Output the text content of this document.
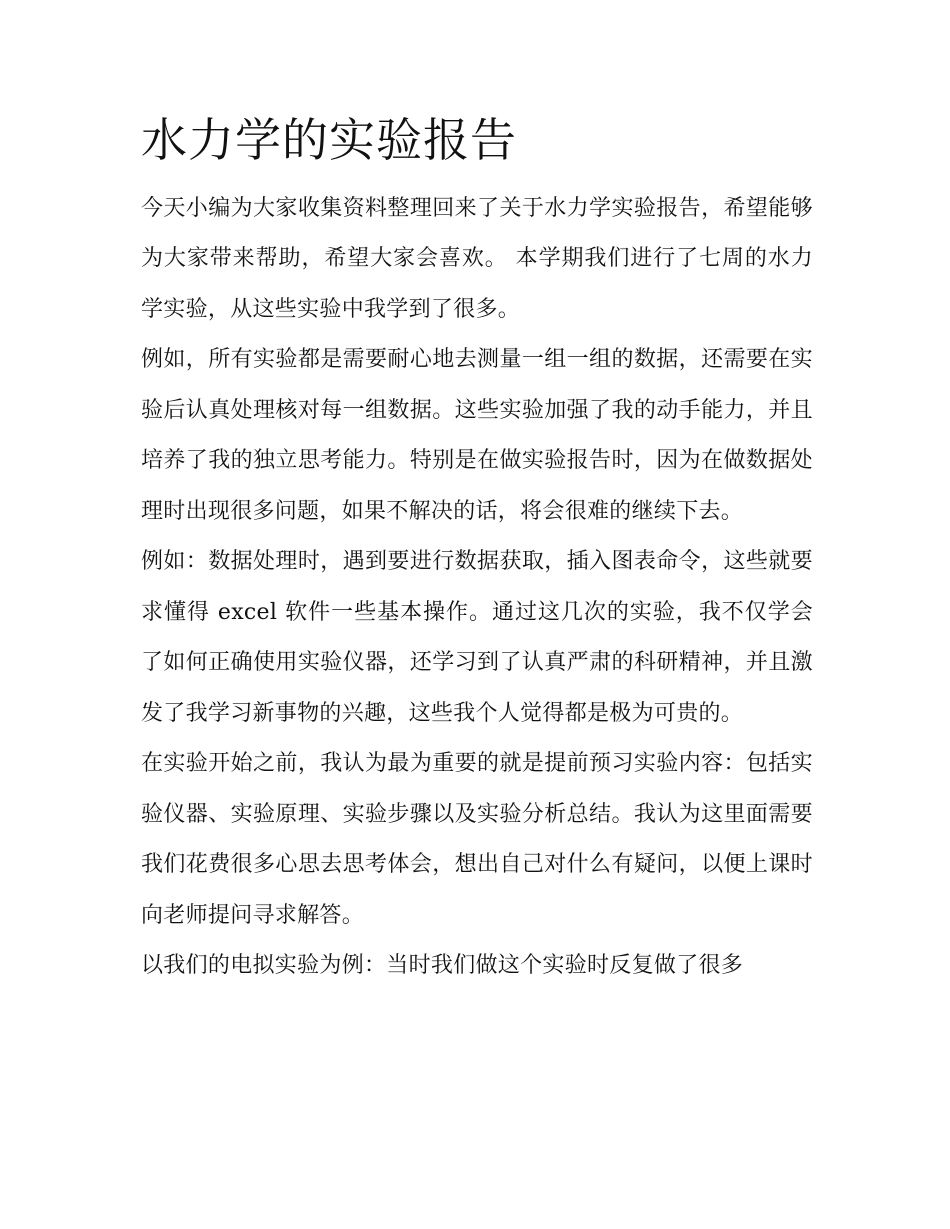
水力学的实验报告

今天小编为大家收集资料整理回来了关于水力学实验报告，希望能够为大家带来帮助，希望大家会喜欢。 本学期我们进行了七周的水力学实验，从这些实验中我学到了很多。

例如，所有实验都是需要耐心地去测量一组一组的数据，还需要在实验后认真处理核对每一组数据。这些实验加强了我的动手能力，并且培养了我的独立思考能力。特别是在做实验报告时，因为在做数据处理时出现很多问题，如果不解决的话，将会很难的继续下去。

例如：数据处理时，遇到要进行数据获取，插入图表命令，这些就要求懂得 excel 软件一些基本操作。通过这几次的实验，我不仅学会了如何正确使用实验仪器，还学习到了认真严肃的科研精神，并且激发了我学习新事物的兴趣，这些我个人觉得都是极为可贵的。

在实验开始之前，我认为最为重要的就是提前预习实验内容：包括实验仪器、实验原理、实验步骤以及实验分析总结。我认为这里面需要我们花费很多心思去思考体会，想出自己对什么有疑问，以便上课时向老师提问寻求解答。

以我们的电拟实验为例：当时我们做这个实验时反复做了很多
